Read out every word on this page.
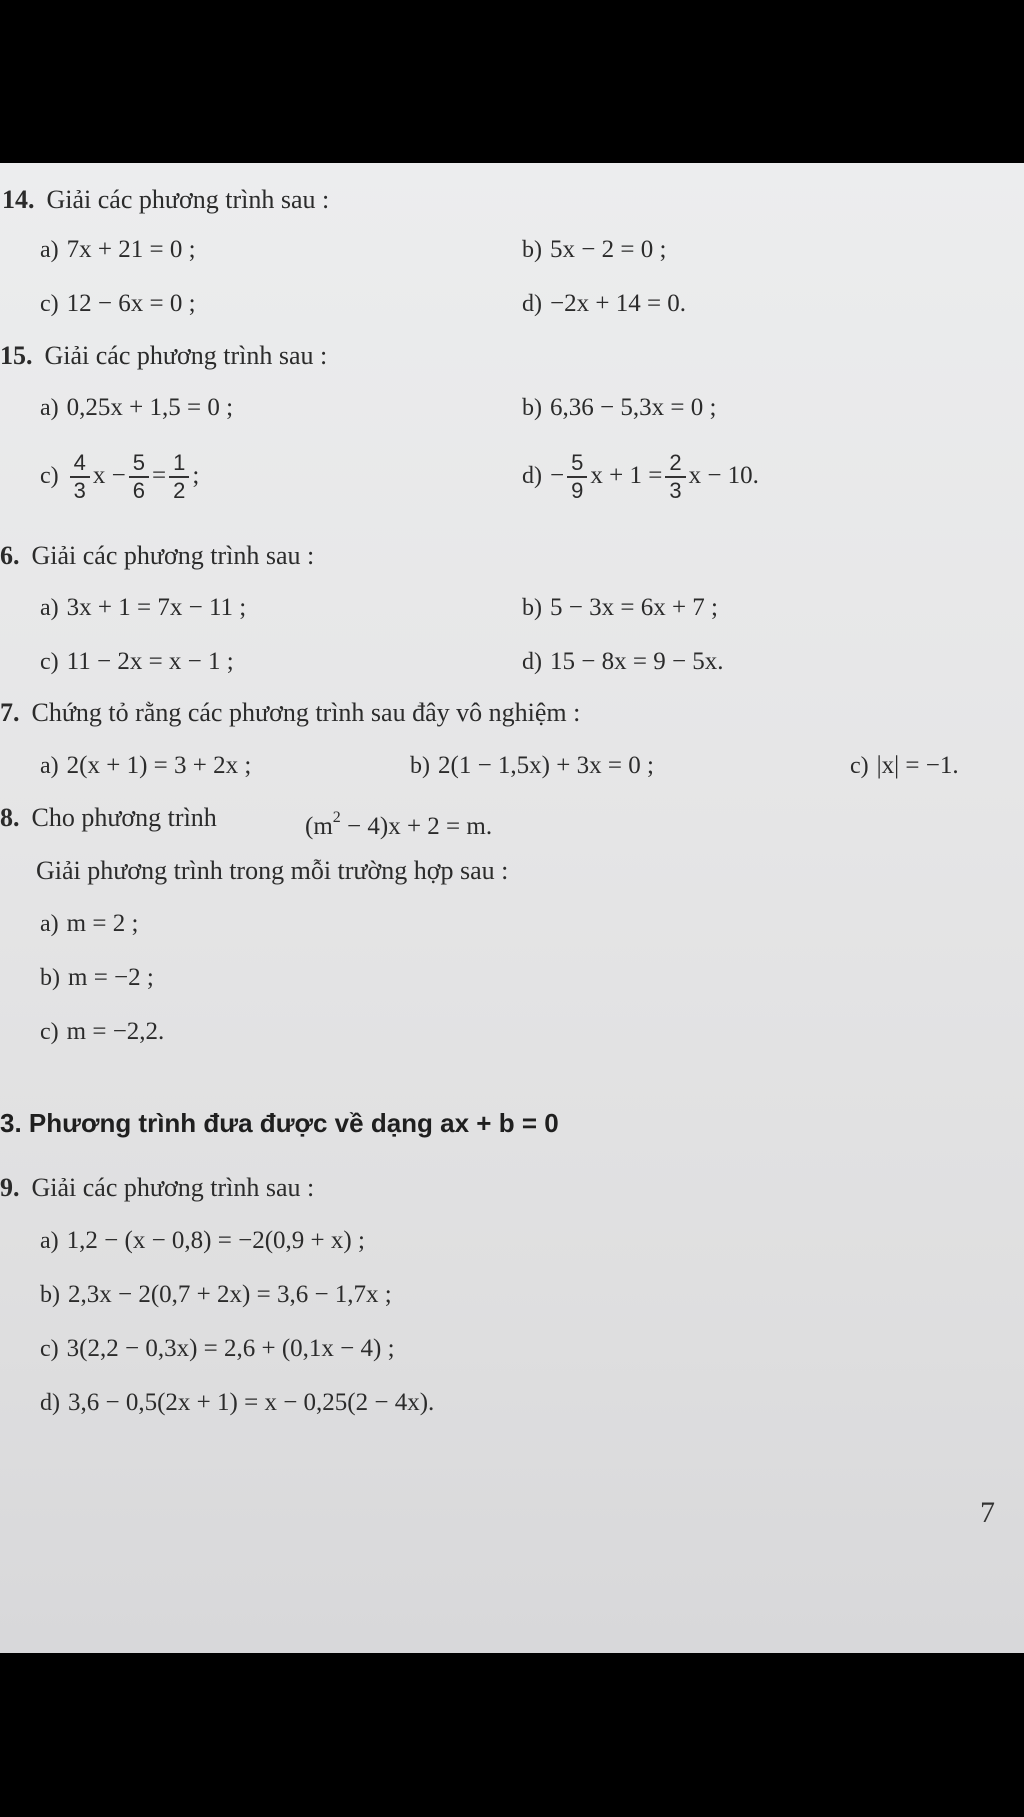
14. Giải các phương trình sau :
a) 7x + 21 = 0 ;	b) 5x − 2 = 0 ;
c) 12 − 6x = 0 ;	d) −2x + 14 = 0.
15. Giải các phương trình sau :
a) 0,25x + 1,5 = 0 ;	b) 6,36 − 5,3x = 0 ;
$c) \frac{4}{3}$ $x - \frac{5}{6} = \frac{1}{2}$ ;	$d) - \frac{5}{9}$ $x + 1 = \frac{2}{3}$ x − 10.
6. Giải các phương trình sau :
a) 3x + 1 = 7x − 11 ;	b) 5 − 3x = 6x + 7 ;
c) 11 − 2x = x − 1 ;	d) 15 − 8x = 9 − 5x.
7. Chứng tỏ rằng các phương trình sau đây vô nghiệm :
a) 2(x + 1) = 3 + 2x ;	b) 2(1 − 1,5x) + 3x = 0 ;	c) |x| = −1.
8. Cho phương trình	$(m^2 - 4)x + 2 = m$.
Giải phương trình trong mỗi trường hợp sau :
a) m = 2 ;
b) m = −2 ;
c) m = −2,2.
3. Phương trình đưa được về dạng ax + b = 0
9. Giải các phương trình sau :
a) 1,2 − (x − 0,8) = −2(0,9 + x) ;
b) 2,3x − 2(0,7 + 2x) = 3,6 − 1,7x ;
c) 3(2,2 − 0,3x) = 2,6 + (0,1x − 4) ;
d) 3,6 − 0,5(2x + 1) = x − 0,25(2 − 4x).
7
